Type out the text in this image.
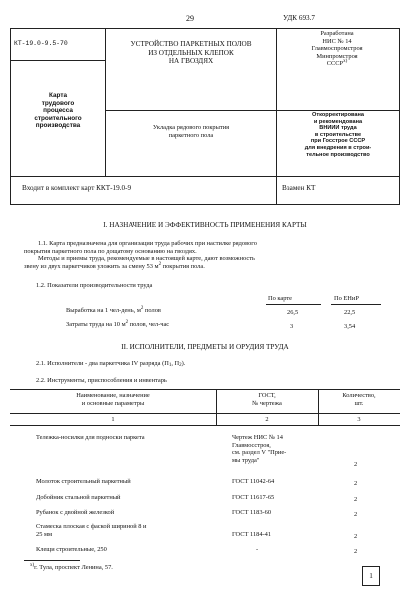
29	УДК 693.7
КТ-19.0-9.5-70	УСТРОЙСТВО ПАРКЕТНЫХ ПОЛОВ
ИЗ ОТДЕЛЬНЫХ КЛЕПОК
НА ГВОЗДЯХ
Разработана
НИС № 14
Главмоспромстроя
Минпромстроя
СССР$^{x)}$
Карта
трудового
процесса
строительного
производства	Укладка рядового покрытия
паркетного пола
Откорректирована
и рекомендована
ВНИИИ труда
в строительстве
при Госстрое СССР
для внедрения в строи-
тельное производство
Входит в комплект карт ККТ-19.0-9	Взамен КТ
I. НАЗНАЧЕНИЕ И ЭФФЕКТИВНОСТЬ ПРИМЕНЕНИЯ КАРТЫ
1.1. Карта предназначена для организации труда рабочих при настилке рядового
покрытия паркетного пола по дощатому основанию на гвоздях.
Методы и приемы труда, рекомендуемые в настоящей карте, дают возможность
звену из двух паркетчиков уложить за смену 53 $м^2$ покрытия пола.
1.2. Показатели производительности труда
По карте	По ЕНиР
Выработка на 1 чел-день, $м^2$ полов	26,5	22,5
Затраты труда на 10 $м^2$ полов, чел-час	3	3,54
II. ИСПОЛНИТЕЛИ, ПРЕДМЕТЫ И ОРУДИЯ ТРУДА
2.1. Исполнители - два паркетчика IV разряда ($П_1$, $П_2$).
2.2. Инструменты, приспособления и инвентарь
Наименование, назначение
и основные параметры
ГОСТ,
№ чертежа
Количество,
шт.
1	2	3
Тележка-носилки для подноски паркета	Чертеж НИС № 14
Главмосстроя,
см. раздел V "Прие-
мы труда"
2
Молоток строительный паркетный	ГОСТ 11042-64	2
Добойник стальной паркетный	ГОСТ 11617-65	2
Рубанок с двойной железкой	ГОСТ 1183-60	2
Стамеска плоская с фаской шириной 8 и
25 мм	ГОСТ 1184-41	2
Клещи строительные, 250	-	2
$^{x)}$г. Тула, проспект Ленина, 57.
1
